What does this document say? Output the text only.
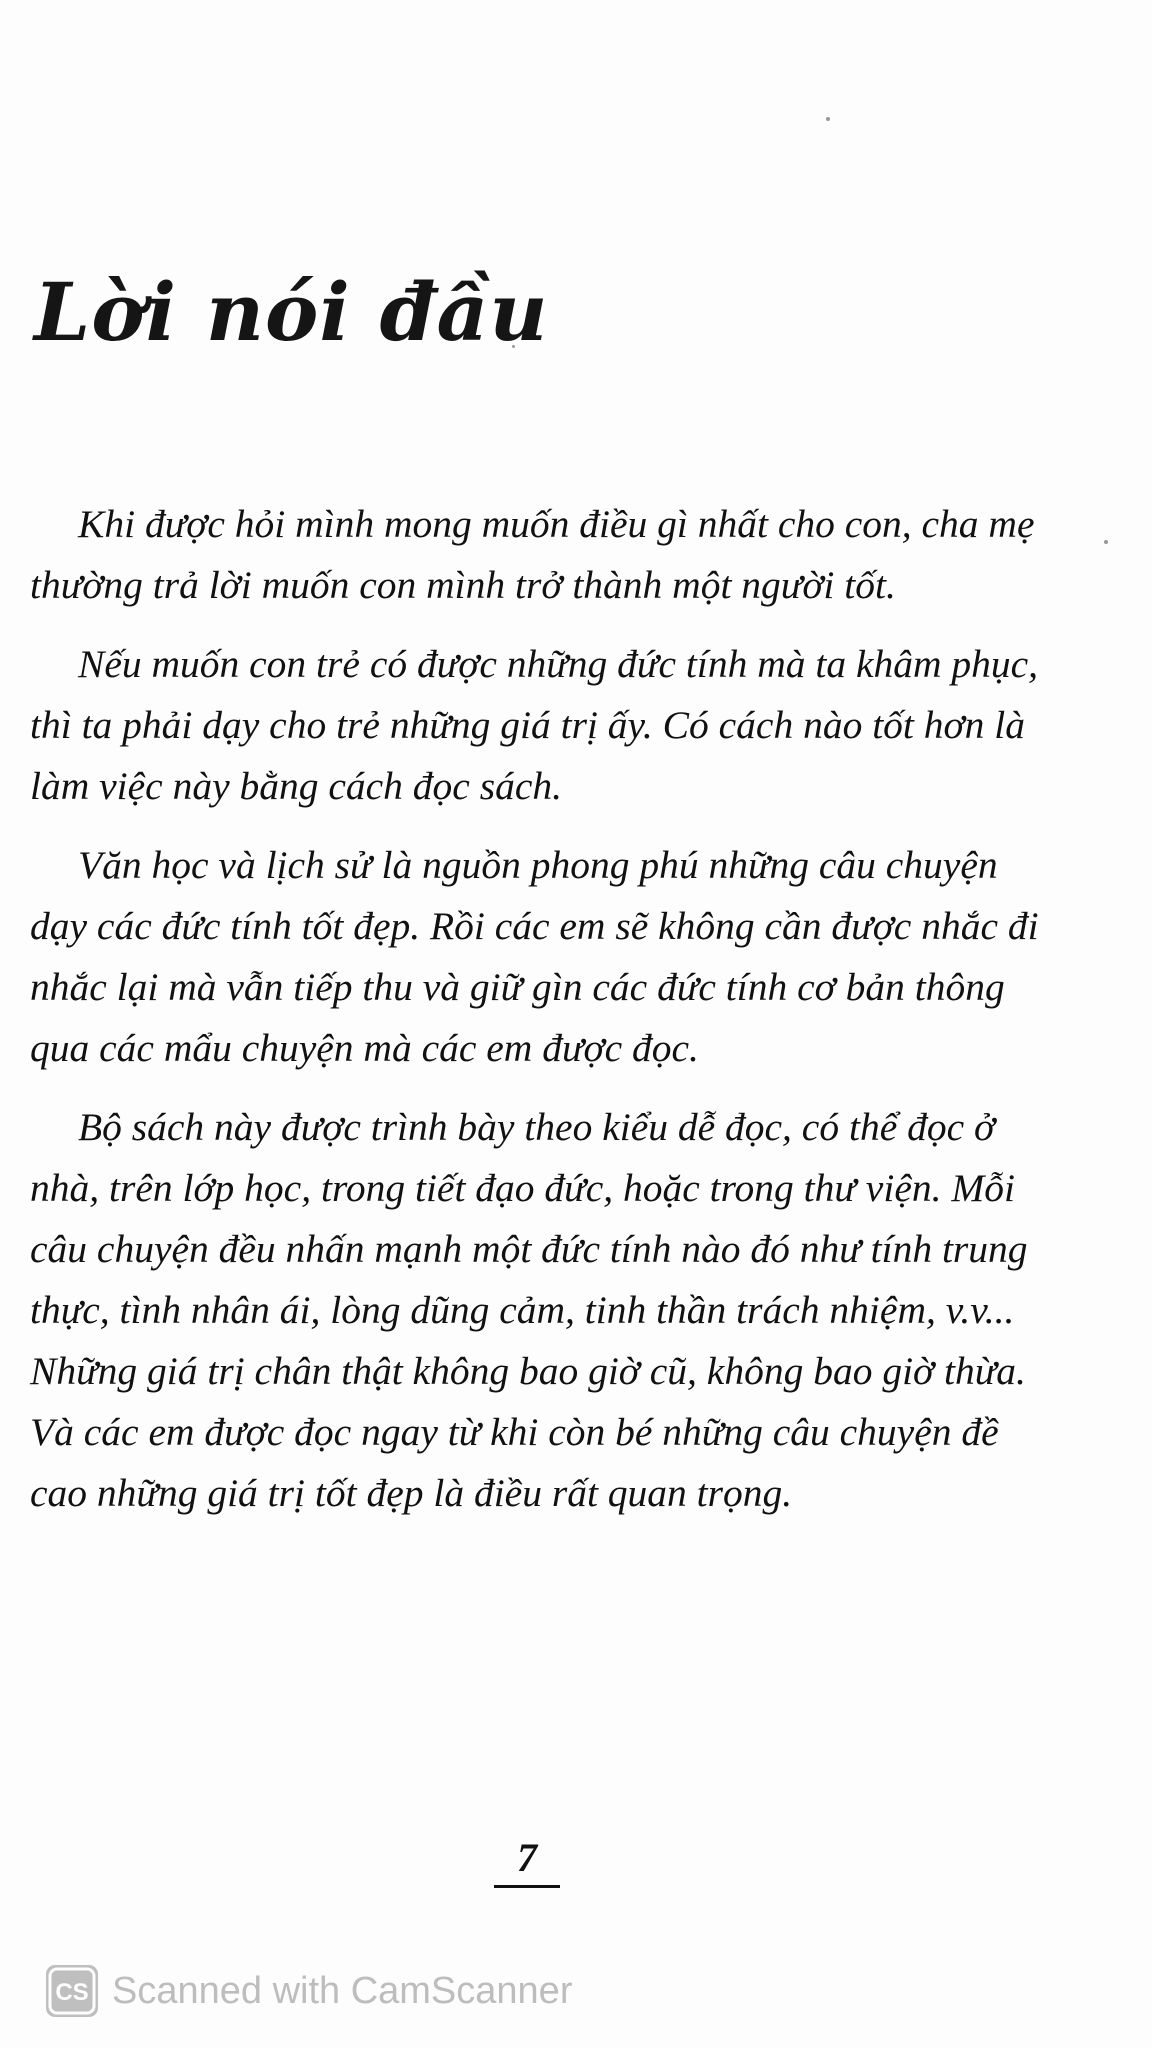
Lời nói đầu

Khi được hỏi mình mong muốn điều gì nhất cho con, cha mẹ thường trả lời muốn con mình trở thành một người tốt.

Nếu muốn con trẻ có được những đức tính mà ta khâm phục, thì ta phải dạy cho trẻ những giá trị ấy. Có cách nào tốt hơn là làm việc này bằng cách đọc sách.

Văn học và lịch sử là nguồn phong phú những câu chuyện dạy các đức tính tốt đẹp. Rồi các em sẽ không cần được nhắc đi nhắc lại mà vẫn tiếp thu và giữ gìn các đức tính cơ bản thông qua các mẩu chuyện mà các em được đọc.

Bộ sách này được trình bày theo kiểu dễ đọc, có thể đọc ở nhà, trên lớp học, trong tiết đạo đức, hoặc trong thư viện. Mỗi câu chuyện đều nhấn mạnh một đức tính nào đó như tính trung thực, tình nhân ái, lòng dũng cảm, tinh thần trách nhiệm, v.v... Những giá trị chân thật không bao giờ cũ, không bao giờ thừa. Và các em được đọc ngay từ khi còn bé những câu chuyện đề cao những giá trị tốt đẹp là điều rất quan trọng.

7
CS Scanned with CamScanner
